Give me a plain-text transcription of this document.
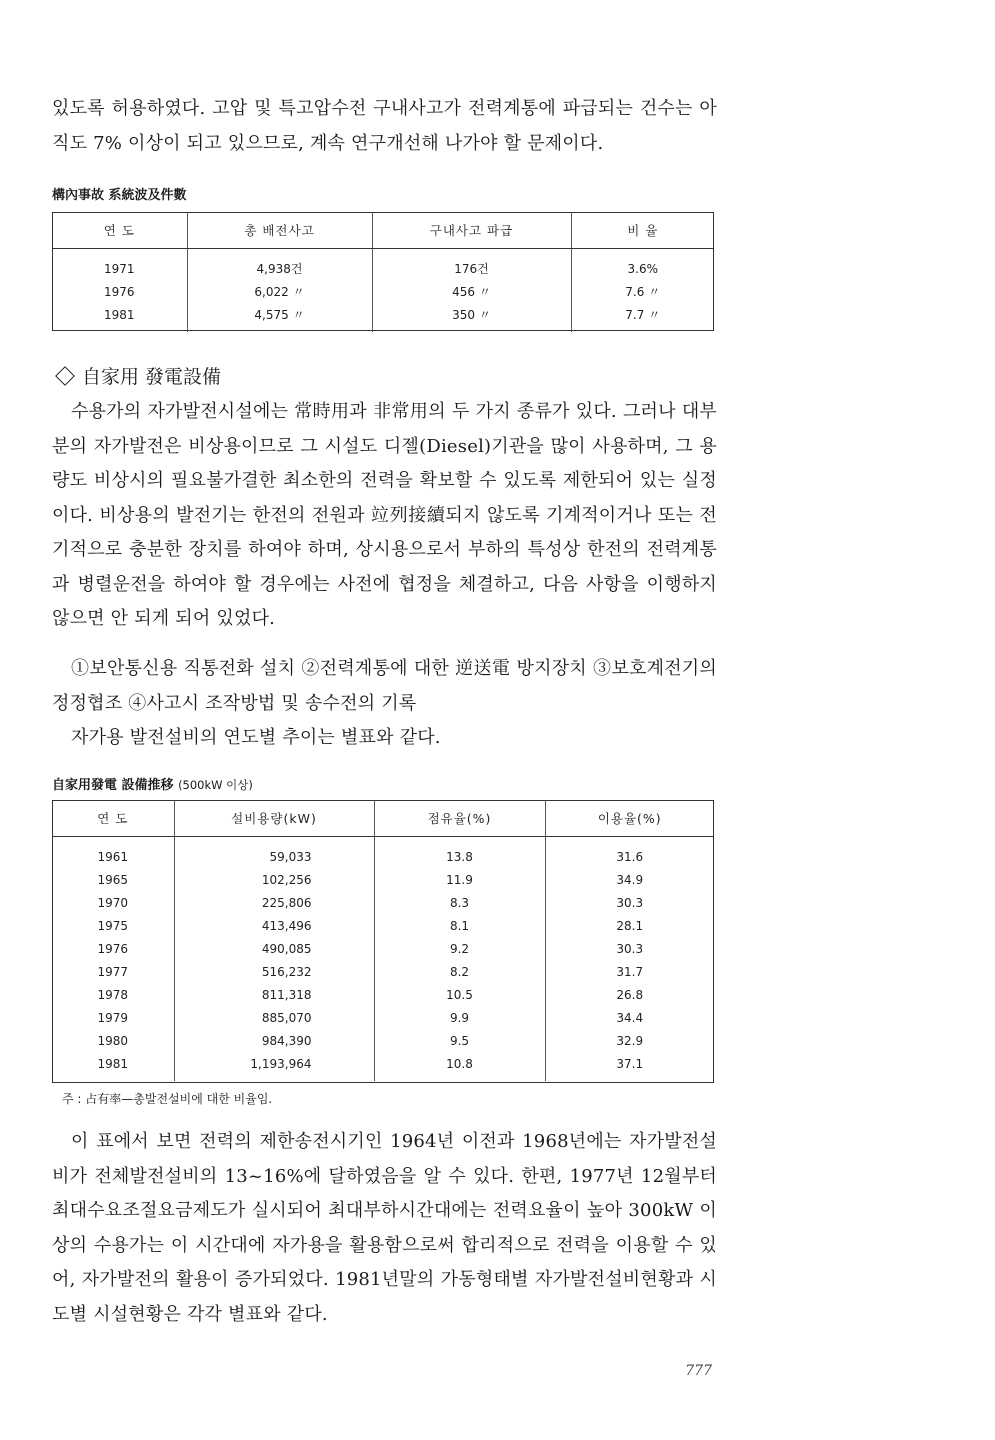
있도록 허용하였다. 고압 및 특고압수전 구내사고가 전력계통에 파급되는 건수는 아직도 7% 이상이 되고 있으므로, 계속 연구개선해 나가야 할 문제이다.

構內事故 系統波及件數
연 도	총 배전사고	구내사고 파급	비 율
1971	4,938건	176건	3.6%
1976	6,022 〃	456 〃	7.6 〃
1981	4,575 〃	350 〃	7.7 〃
自家用 發電設備

수용가의 자가발전시설에는 常時用과 非常用의 두 가지 종류가 있다. 그러나 대부분의 자가발전은 비상용이므로 그 시설도 디젤(Diesel)기관을 많이 사용하며, 그 용량도 비상시의 필요불가결한 최소한의 전력을 확보할 수 있도록 제한되어 있는 실정이다. 비상용의 발전기는 한전의 전원과 竝列接續되지 않도록 기계적이거나 또는 전기적으로 충분한 장치를 하여야 하며, 상시용으로서 부하의 특성상 한전의 전력계통과 병렬운전을 하여야 할 경우에는 사전에 협정을 체결하고, 다음 사항을 이행하지 않으면 안 되게 되어 있었다.

①보안통신용 직통전화 설치 ②전력계통에 대한 逆送電 방지장치 ③보호계전기의 정정협조 ④사고시 조작방법 및 송수전의 기록

자가용 발전설비의 연도별 추이는 별표와 같다.

自家用發電 設備推移 (500kW 이상)
연 도	설비용량(kW)	점유율(%)	이용율(%)
1961	59,033	13.8	31.6
1965	102,256	11.9	34.9
1970	225,806	8.3	30.3
1975	413,496	8.1	28.1
1976	490,085	9.2	30.3
1977	516,232	8.2	31.7
1978	811,318	10.5	26.8
1979	885,070	9.9	34.4
1980	984,390	9.5	32.9
1981	1,193,964	10.8	37.1
주 : 占有率—총발전설비에 대한 비율임.

이 표에서 보면 전력의 제한송전시기인 1964년 이전과 1968년에는 자가발전설비가 전체발전설비의 13~16%에 달하였음을 알 수 있다. 한편, 1977년 12월부터 최대수요조절요금제도가 실시되어 최대부하시간대에는 전력요율이 높아 300kW 이상의 수용가는 이 시간대에 자가용을 활용함으로써 합리적으로 전력을 이용할 수 있어, 자가발전의 활용이 증가되었다. 1981년말의 가동형태별 자가발전설비현황과 시도별 시설현황은 각각 별표와 같다.

777
